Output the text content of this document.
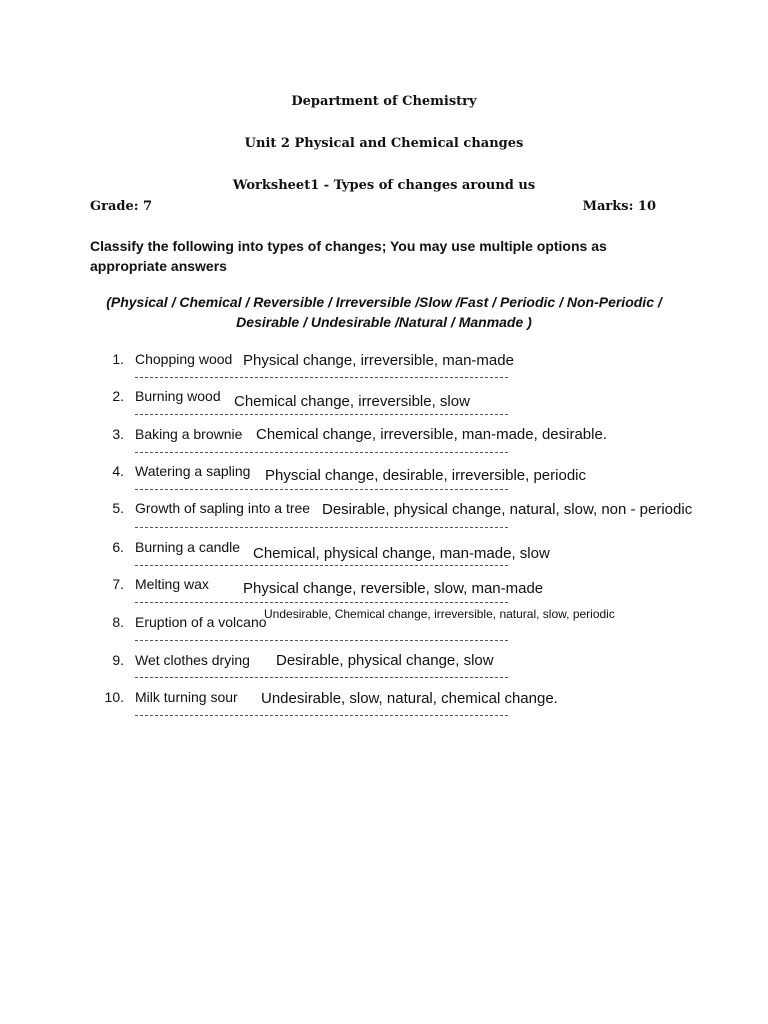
Department of Chemistry
Unit 2 Physical and Chemical changes
Worksheet1 - Types of changes around us
Grade: 7	Marks: 10
Classify the following into types of changes; You may use multiple options as appropriate answers
(Physical / Chemical / Reversible / Irreversible /Slow /Fast / Periodic / Non-Periodic / Desirable / Undesirable /Natural / Manmade )
1. Chopping wood Physical change, irreversible, man-made
2. Burning wood Chemical change, irreversible, slow
3. Baking a brownie Chemical change, irreversible, man-made, desirable.
4. Watering a sapling Physcial change, desirable, irreversible, periodic
5. Growth of sapling into a tree Desirable, physical change, natural, slow, non - periodic
6. Burning a candle Chemical, physical change, man-made, slow
7. Melting wax Physical change, reversible, slow, man-made
8. Eruption of a volcano
Undesirable, Chemical change, irreversible, natural, slow, periodic
9. Wet clothes drying Desirable, physical change, slow
10. Milk turning sour Undesirable, slow, natural, chemical change.
